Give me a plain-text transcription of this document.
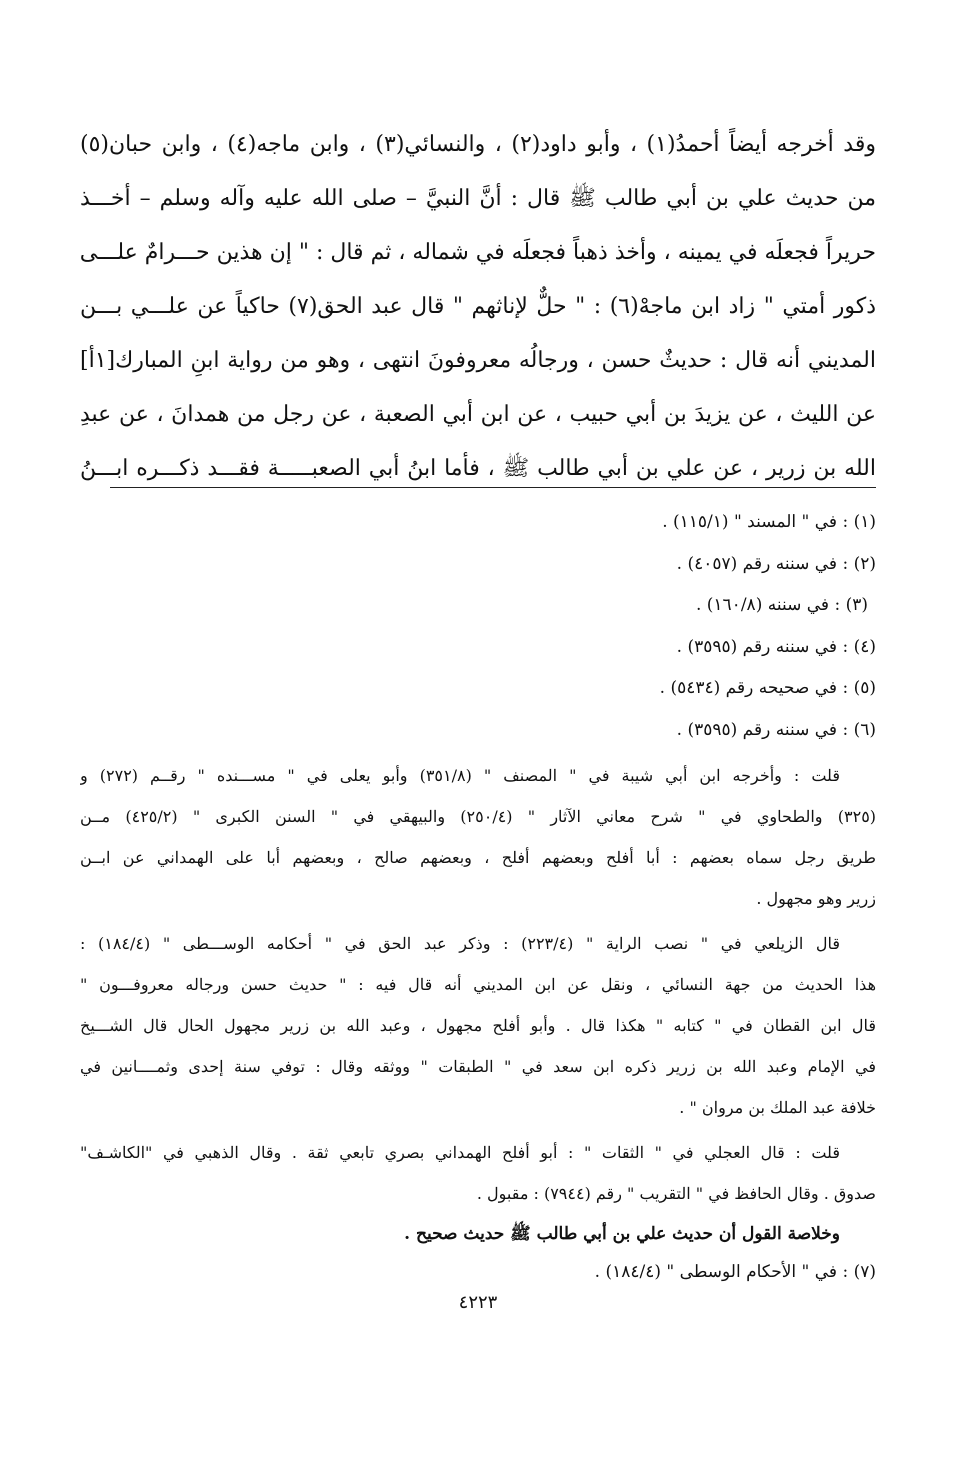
وقد أخرجه أيضاً أحمدُ(١) ، وأبو داود(٢) ، والنسائي(٣) ، وابن ماجه(٤) ، وابن حبان(٥)
من حديث علي بن أبي طالب ﷺ قال : أنَّ النبيَّ – صلى الله عليه وآله وسلم – أخـــذ
حريراً فجعلَه في يمينه ، وأخذ ذهباً فجعلَه في شماله ، ثم قال : " إن هذين حـــرامٌ علـــى
ذكور أمتي " زاد ابن ماجهْ(٦) : " حلٌّ لإناثهم " قال عبد الحق(٧) حاكياً عن علـــي بـــن
المديني أنه قال : حديثٌ حسن ، ورجالُه معروفونَ انتهى ، وهو من رواية ابنِ المبارك[١أ]
عن الليث ، عن يزيدَ بن أبي حبيب ، عن ابن أبي الصعبة ، عن رجل من همدانَ ، عن عبدِ
الله بن زرير ، عن علي بن أبي طالب ﷺ ، فأما ابنُ أبي الصعبـــــة فقـــد ذكـــره ابـــنُ
(١) : في " المسند " (١١٥/١) .
(٢) : في سننه رقم (٤٠٥٧) .
(٣) : في سننه (١٦٠/٨) .
(٤) : في سننه رقم (٣٥٩٥) .
(٥) : في صحيحه رقم (٥٤٣٤) .
(٦) : في سننه رقم (٣٥٩٥) .
قلت : وأخرجه ابن أبي شيبة في " المصنف " (٣٥١/٨) وأبو يعلى في " مســـنده " رقــم (٢٧٢) و
(٣٢٥) والطحاوي في " شرح معاني الآثار " (٢٥٠/٤) والبيهقي في " السنن الكبرى " (٤٢٥/٢) مــن
طريق رجل سماه بعضهم : أبا أفلح وبعضهم أفلح ، وبعضهم صالح ، وبعضهم أبا على الهمداني عن ابــن
زرير وهو مجهول .
قال الزيلعي في " نصب الراية " (٢٢٣/٤) : وذكر عبد الحق في " أحكامه الوســـطى " (١٨٤/٤) :
هذا الحديث من جهة النسائي ، ونقل عن ابن المديني أنه قال فيه : " حديث حسن ورجاله معروفـــون "
قال ابن القطان في " كتابه " هكذا قال . وأبو أفلح مجهول ، وعبد الله بن زرير مجهول الحال قال الشـــيخ
في الإمام وعبد الله بن زرير ذكره ابن سعد في " الطبقات " ووثقه وقال : توفي سنة إحدى وثمــــانين في
خلافة عبد الملك بن مروان " .
قلت : قال العجلي في " الثقات " : أبو أفلح الهمداني بصري تابعي ثقة . وقال الذهبي في "الكاشـف"
صدوق . وقال الحافظ في " التقريب " رقم (٧٩٤٤) : مقبول .
وخلاصة القول أن حديث علي بن أبي طالب ﷺ حديث صحيح .
(٧) : في " الأحكام الوسطى " (١٨٤/٤) .
٤٢٢٣
